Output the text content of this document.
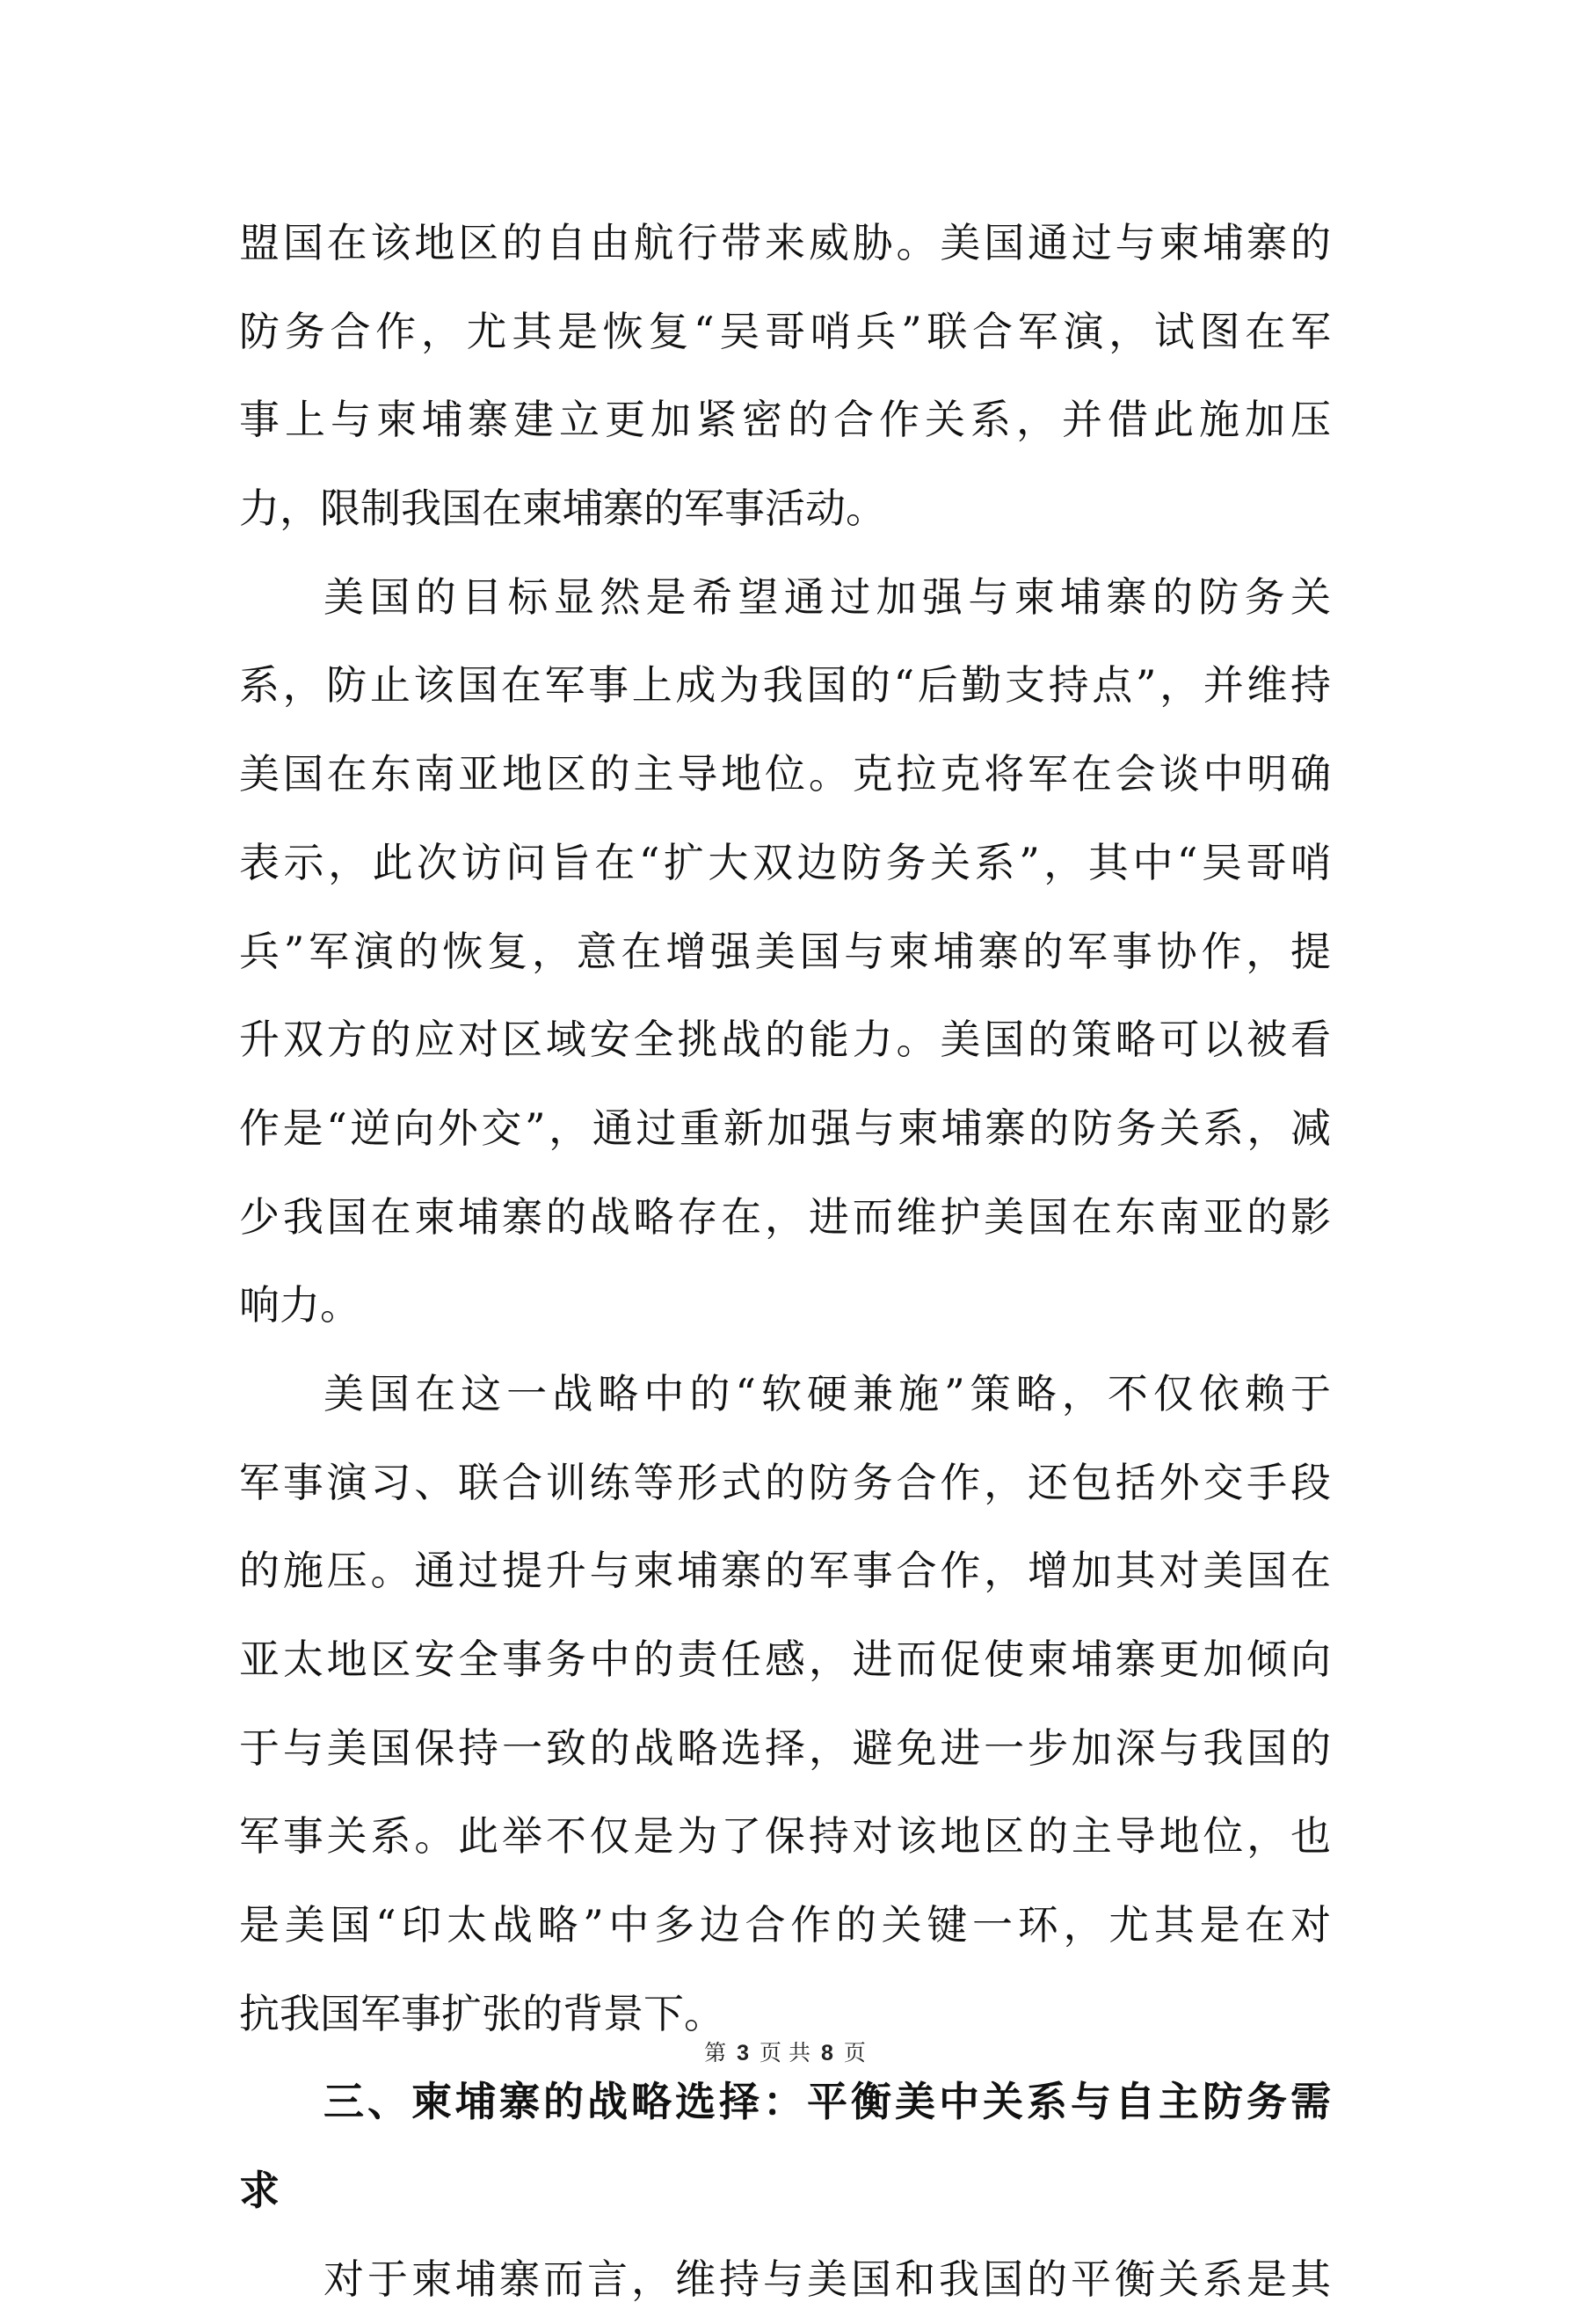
盟国在该地区的自由航行带来威胁。美国通过与柬埔寨的
防务合作，尤其是恢复“吴哥哨兵”联合军演，试图在军
事上与柬埔寨建立更加紧密的合作关系，并借此施加压
力，限制我国在柬埔寨的军事活动。
美国的目标显然是希望通过加强与柬埔寨的防务关
系，防止该国在军事上成为我国的“后勤支持点”，并维持
美国在东南亚地区的主导地位。克拉克将军在会谈中明确
表示，此次访问旨在“扩大双边防务关系”，其中“吴哥哨
兵”军演的恢复，意在增强美国与柬埔寨的军事协作，提
升双方的应对区域安全挑战的能力。美国的策略可以被看
作是“逆向外交”，通过重新加强与柬埔寨的防务关系，减
少我国在柬埔寨的战略存在，进而维护美国在东南亚的影
响力。
美国在这一战略中的“软硬兼施”策略，不仅依赖于
军事演习、联合训练等形式的防务合作，还包括外交手段
的施压。通过提升与柬埔寨的军事合作，增加其对美国在
亚太地区安全事务中的责任感，进而促使柬埔寨更加倾向
于与美国保持一致的战略选择，避免进一步加深与我国的
军事关系。此举不仅是为了保持对该地区的主导地位，也
是美国“印太战略”中多边合作的关键一环，尤其是在对
抗我国军事扩张的背景下。
三、柬埔寨的战略选择：平衡美中关系与自主防务需
求
对于柬埔寨而言，维持与美国和我国的平衡关系是其
第 3 页 共 8 页
